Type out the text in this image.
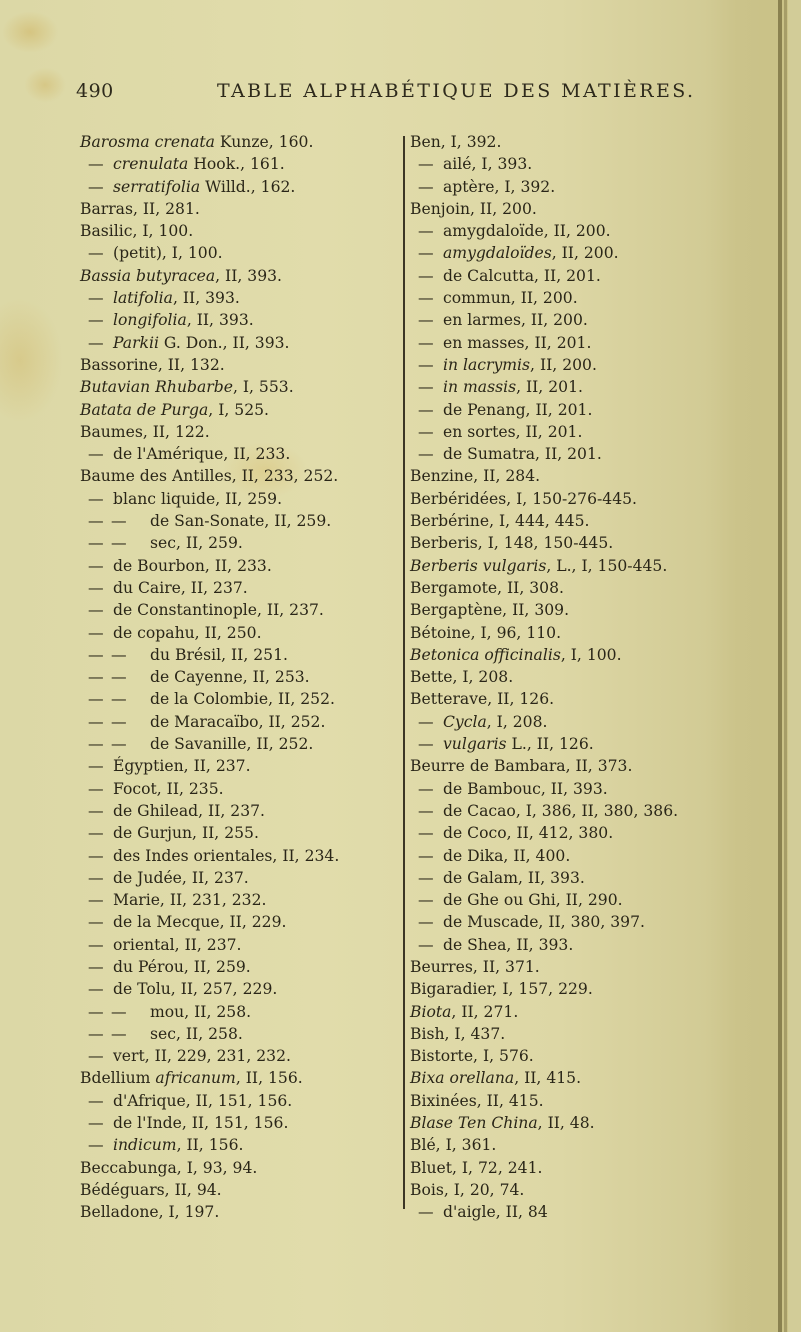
490	TABLE ALPHABÉTIQUE DES MATIÈRES.
Barosma crenata Kunze, 160.
— crenulata Hook., 161.
— serratifolia Willd., 162.
Barras, II, 281.
Basilic, I, 100.
— (petit), I, 100.
Bassia butyracea, II, 393.
— latifolia, II, 393.
— longifolia, II, 393.
— Parkii G. Don., II, 393.
Bassorine, II, 132.
Butavian Rhubarbe, I, 553.
Batata de Purga, I, 525.
Baumes, II, 122.
— de l'Amérique, II, 233.
Baume des Antilles, II, 233, 252.
— blanc liquide, II, 259.
— — de San-Sonate, II, 259.
— — sec, II, 259.
— de Bourbon, II, 233.
— du Caire, II, 237.
— de Constantinople, II, 237.
— de copahu, II, 250.
— — du Brésil, II, 251.
— — de Cayenne, II, 253.
— — de la Colombie, II, 252.
— — de Maracaïbo, II, 252.
— — de Savanille, II, 252.
— Égyptien, II, 237.
— Focot, II, 235.
— de Ghilead, II, 237.
— de Gurjun, II, 255.
— des Indes orientales, II, 234.
— de Judée, II, 237.
— Marie, II, 231, 232.
— de la Mecque, II, 229.
— oriental, II, 237.
— du Pérou, II, 259.
— de Tolu, II, 257, 229.
— — mou, II, 258.
— — sec, II, 258.
— vert, II, 229, 231, 232.
Bdellium africanum, II, 156.
— d'Afrique, II, 151, 156.
— de l'Inde, II, 151, 156.
— indicum, II, 156.
Beccabunga, I, 93, 94.
Bédéguars, II, 94.
Belladone, I, 197.
Ben, I, 392.
— ailé, I, 393.
— aptère, I, 392.
Benjoin, II, 200.
— amygdaloïde, II, 200.
— amygdaloïdes, II, 200.
— de Calcutta, II, 201.
— commun, II, 200.
— en larmes, II, 200.
— en masses, II, 201.
— in lacrymis, II, 200.
— in massis, II, 201.
— de Penang, II, 201.
— en sortes, II, 201.
— de Sumatra, II, 201.
Benzine, II, 284.
Berbéridées, I, 150-276-445.
Berbérine, I, 444, 445.
Berberis, I, 148, 150-445.
Berberis vulgaris, L., I, 150-445.
Bergamote, II, 308.
Bergaptène, II, 309.
Bétoine, I, 96, 110.
Betonica officinalis, I, 100.
Bette, I, 208.
Betterave, II, 126.
— Cycla, I, 208.
— vulgaris L., II, 126.
Beurre de Bambara, II, 373.
— de Bambouc, II, 393.
— de Cacao, I, 386, II, 380, 386.
— de Coco, II, 412, 380.
— de Dika, II, 400.
— de Galam, II, 393.
— de Ghe ou Ghi, II, 290.
— de Muscade, II, 380, 397.
— de Shea, II, 393.
Beurres, II, 371.
Bigaradier, I, 157, 229.
Biota, II, 271.
Bish, I, 437.
Bistorte, I, 576.
Bixa orellana, II, 415.
Bixinées, II, 415.
Blase Ten China, II, 48.
Blé, I, 361.
Bluet, I, 72, 241.
Bois, I, 20, 74.
— d'aigle, II, 84
